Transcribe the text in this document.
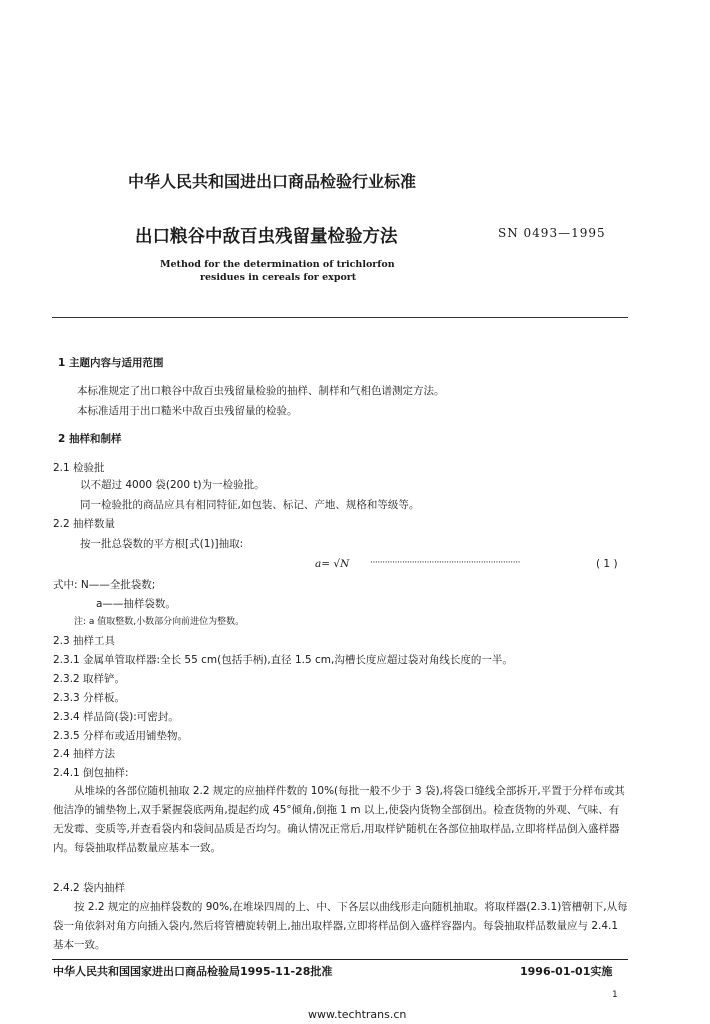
中华人民共和国进出口商品检验行业标准
出口粮谷中敌百虫残留量检验方法	SN 0493—1995
Method for the determination of trichlorfon
residues in cereals for export
1 主题内容与适用范围
本标准规定了出口粮谷中敌百虫残留量检验的抽样、制样和气相色谱测定方法。
本标准适用于出口糙米中敌百虫残留量的检验。
2 抽样和制样
2.1 检验批
以不超过 4000 袋(200 t)为一检验批。
同一检验批的商品应具有相同特征,如包装、标记、产地、规格和等级等。
2.2 抽样数量
按一批总袋数的平方根[式(1)]抽取:
a= √N ·····························································	( 1 )
式中: N——全批袋数;
a——抽样袋数。
注: a 值取整数,小数部分向前进位为整数。
2.3 抽样工具
2.3.1 金属单管取样器:全长 55 cm(包括手柄),直径 1.5 cm,沟槽长度应超过袋对角线长度的一半。
2.3.2 取样铲。
2.3.3 分样板。
2.3.4 样品筒(袋):可密封。
2.3.5 分样布或适用铺垫物。
2.4 抽样方法
2.4.1 倒包抽样:
从堆垛的各部位随机抽取 2.2 规定的应抽样件数的 10%(每批一般不少于 3 袋),将袋口缝线全部拆开,平置于分样布或其他洁净的铺垫物上,双手紧握袋底两角,提起约成 45°倾角,倒拖 1 m 以上,使袋内货物全部倒出。检查货物的外观、气味、有无发霉、变质等,并查看袋内和袋间品质是否均匀。确认情况正常后,用取样铲随机在各部位抽取样品,立即将样品倒入盛样器内。每袋抽取样品数量应基本一致。
2.4.2 袋内抽样
按 2.2 规定的应抽样袋数的 90%,在堆垛四周的上、中、下各层以曲线形走向随机抽取。将取样器(2.3.1)管槽朝下,从每袋一角依斜对角方向插入袋内,然后将管槽旋转朝上,抽出取样器,立即将样品倒入盛样容器内。每袋抽取样品数量应与 2.4.1 基本一致。
中华人民共和国国家进出口商品检验局1995-11-28批准	1996-01-01实施
1
www.techtrans.cn
